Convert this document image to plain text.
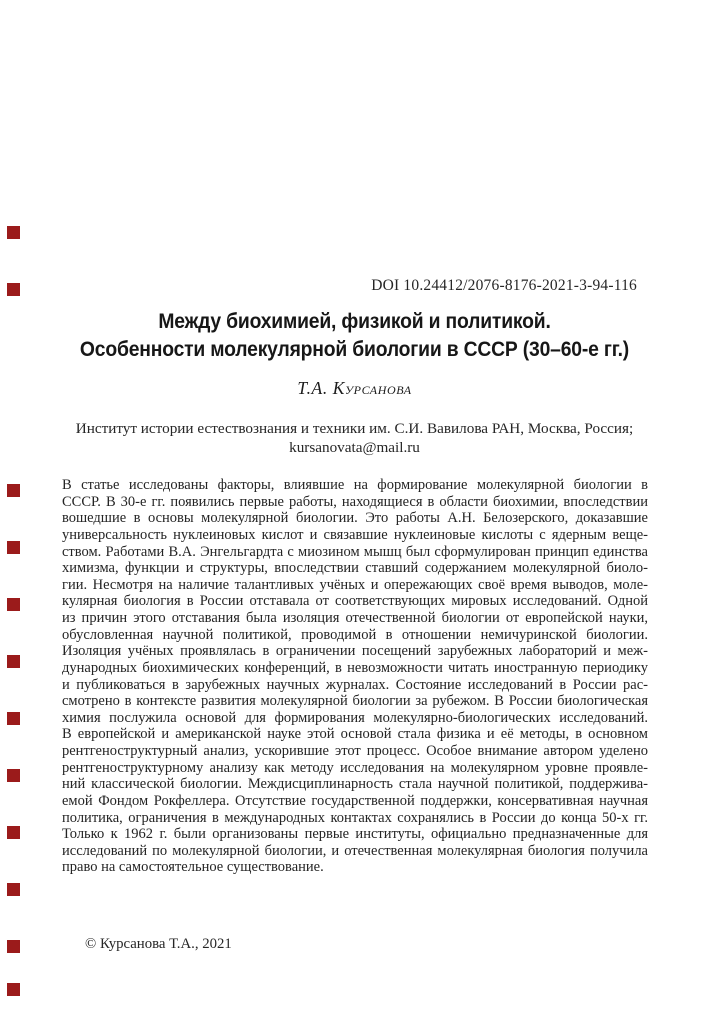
DOI 10.24412/2076-8176-2021-3-94-116
Между биохимией, физикой и политикой.
Особенности молекулярной биологии в СССР (30–60-е гг.)
Т.А. Курсанова
Институт истории естествознания и техники им. С.И. Вавилова РАН, Москва, Россия;
kursanovata@mail.ru
В статье исследованы факторы, влиявшие на формирование молекулярной биологии в
СССР. В 30-е гг. появились первые работы, находящиеся в области биохимии, впоследствии
вошедшие в основы молекулярной биологии. Это работы А.Н. Белозерского, доказавшие
универсальность нуклеиновых кислот и связавшие нуклеиновые кислоты с ядерным веще-
ством. Работами В.А. Энгельгардта с миозином мышц был сформулирован принцип единства
химизма, функции и структуры, впоследствии ставший содержанием молекулярной биоло-
гии. Несмотря на наличие талантливых учёных и опережающих своё время выводов, моле-
кулярная биология в России отставала от соответствующих мировых исследований. Одной
из причин этого отставания была изоляция отечественной биологии от европейской науки,
обусловленная научной политикой, проводимой в отношении немичуринской биологии.
Изоляция учёных проявлялась в ограничении посещений зарубежных лабораторий и меж-
дународных биохимических конференций, в невозможности читать иностранную периодику
и публиковаться в зарубежных научных журналах. Состояние исследований в России рас-
смотрено в контексте развития молекулярной биологии за рубежом. В России биологическая
химия послужила основой для формирования молекулярно-биологических исследований.
В европейской и американской науке этой основой стала физика и её методы, в основном
рентгеноструктурный анализ, ускорившие этот процесс. Особое внимание автором уделено
рентгеноструктурному анализу как методу исследования на молекулярном уровне проявле-
ний классической биологии. Междисциплинарность стала научной политикой, поддержива-
емой Фондом Рокфеллера. Отсутствие государственной поддержки, консервативная научная
политика, ограничения в международных контактах сохранялись в России до конца 50-х гг.
Только к 1962 г. были организованы первые институты, официально предназначенные для
исследований по молекулярной биологии, и отечественная молекулярная биология получила
право на самостоятельное существование.
© Курсанова Т.А., 2021
